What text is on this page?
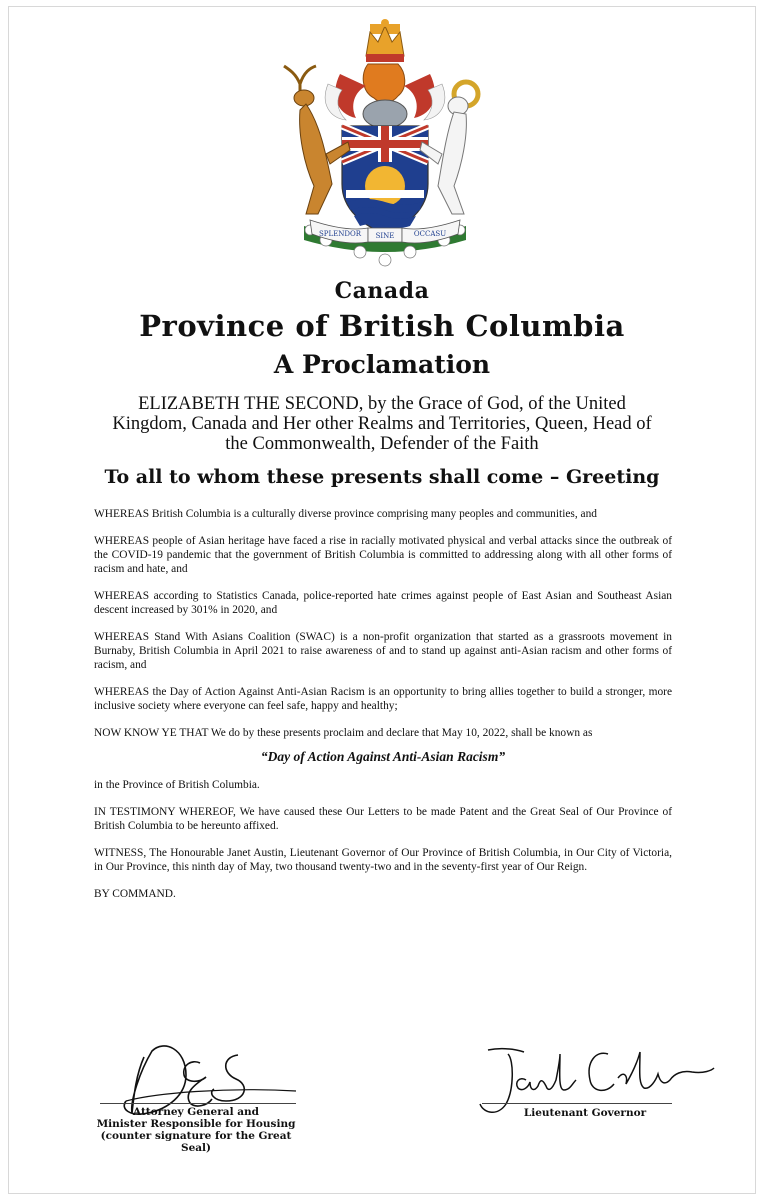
SPLENDOR SINE	OCCASU
Canada
Province of British Columbia
A Proclamation
ELIZABETH THE SECOND, by the Grace of God, of the United Kingdom, Canada and Her other Realms and Territories, Queen, Head of the Commonwealth, Defender of the Faith
To all to whom these presents shall come – Greeting

WHEREAS British Columbia is a culturally diverse province comprising many peoples and communities, and

WHEREAS people of Asian heritage have faced a rise in racially motivated physical and verbal attacks since the outbreak of the COVID-19 pandemic that the government of British Columbia is committed to addressing along with all other forms of racism and hate, and

WHEREAS according to Statistics Canada, police-reported hate crimes against people of East Asian and Southeast Asian descent increased by 301% in 2020, and

WHEREAS Stand With Asians Coalition (SWAC) is a non-profit organization that started as a grassroots movement in Burnaby, British Columbia in April 2021 to raise awareness of and to stand up against anti-Asian racism and other forms of racism, and

WHEREAS the Day of Action Against Anti-Asian Racism is an opportunity to bring allies together to build a stronger, more inclusive society where everyone can feel safe, happy and healthy;

NOW KNOW YE THAT We do by these presents proclaim and declare that May 10, 2022, shall be known as

“Day of Action Against Anti-Asian Racism”

in the Province of British Columbia.

IN TESTIMONY WHEREOF, We have caused these Our Letters to be made Patent and the Great Seal of Our Province of British Columbia to be hereunto affixed.

WITNESS, The Honourable Janet Austin, Lieutenant Governor of Our Province of British Columbia, in Our City of Victoria, in Our Province, this ninth day of May, two thousand twenty-two and in the seventy-first year of Our Reign.

BY COMMAND.

Attorney General and
Minister Responsible for Housing
(counter signature for the Great Seal)
Lieutenant Governor
